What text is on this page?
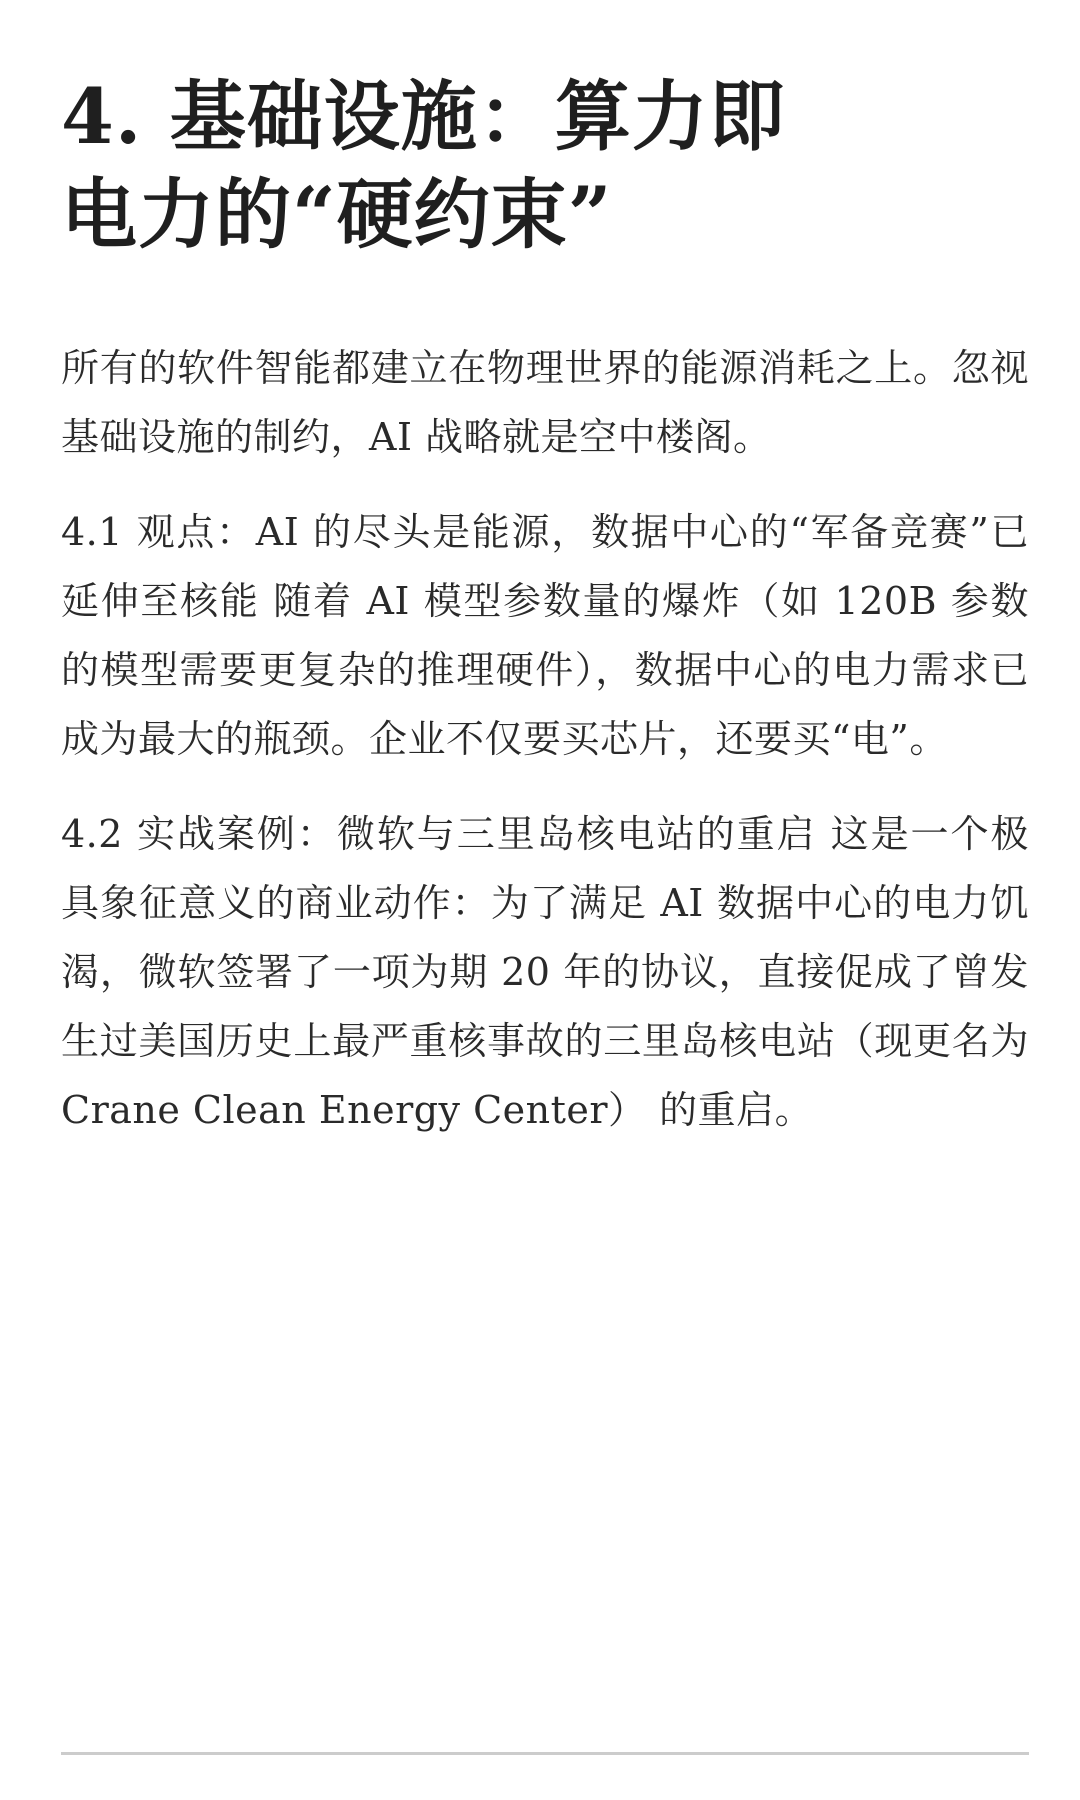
4. 基础设施：算力即电力的“硬约束”

所有的软件智能都建立在物理世界的能源消耗之上。忽视基础设施的制约，AI 战略就是空中楼阁。

4.1 观点：AI 的尽头是能源，数据中心的“军备竞赛”已延伸至核能 随着 AI 模型参数量的爆炸（如 120B 参数的模型需要更复杂的推理硬件），数据中心的电力需求已成为最大的瓶颈。企业不仅要买芯片，还要买“电”。

4.2 实战案例：微软与三里岛核电站的重启 这是一个极具象征意义的商业动作：为了满足 AI 数据中心的电力饥渴，微软签署了一项为期 20 年的协议，直接促成了曾发生过美国历史上最严重核事故的三里岛核电站（现更名为 Crane Clean Energy Center） 的重启。
